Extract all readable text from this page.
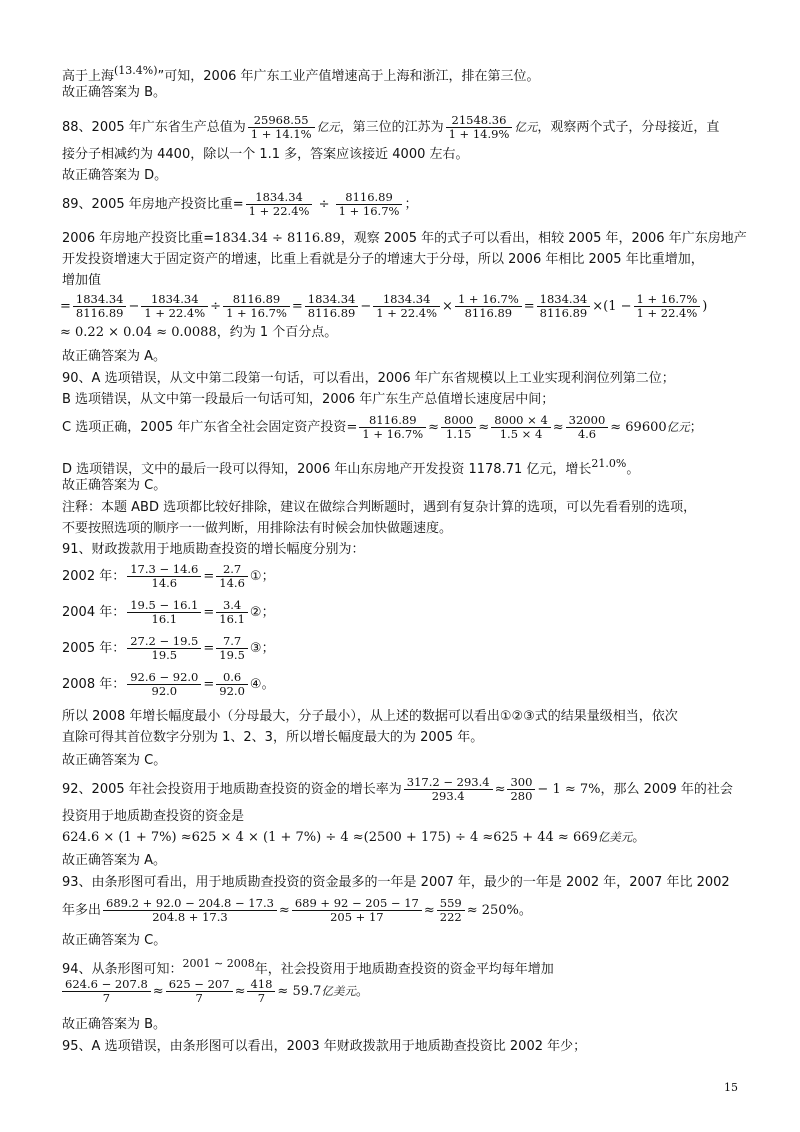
高于上海$^{(13.4\%)}$”可知，2006 年广东工业产值增速高于上海和浙江，排在第三位。
故正确答案为 B。
88、2005 年广东省生产总值为 $\frac{25968.55}{1 + 14.1\%}$ 亿元，第三位的江苏为 $\frac{21548.36}{1 + 14.9\%}$ 亿元，观察两个式子，分母接近，直
接分子相减约为 4400，除以一个 1.1 多，答案应该接近 4000 左右。
故正确答案为 D。
89、2005 年房地产投资比重= $\frac{1834.34}{1 + 22.4\%} \div \frac{8116.89}{1 + 16.7\%}$ ；
2006 年房地产投资比重=1834.34 ÷ 8116.89，观察 2005 年的式子可以看出，相较 2005 年，2006 年广东房地产
开发投资增速大于固定资产的增速，比重上看就是分子的增速大于分母，所以 2006 年相比 2005 年比重增加，
增加值
= $\frac{1834.34}{8116.89} - \frac{1834.34}{1 + 22.4\%} \div \frac{8116.89}{1 + 16.7\%} = \frac{1834.34}{8116.89} - \frac{1834.34}{1 + 22.4\%} \times \frac{1 + 16.7\%}{8116.89} = \frac{1834.34}{8116.89} \times(1 - \frac{1 + 16.7\%}{1 + 22.4\%}$ )
≈ 0.22 × 0.04 ≈ 0.0088，约为 1 个百分点。
故正确答案为 A。
90、A 选项错误，从文中第二段第一句话，可以看出，2006 年广东省规模以上工业实现利润位列第二位；
B 选项错误，从文中第一段最后一句话可知，2006 年广东生产总值增长速度居中间；
C 选项正确，2005 年广东省全社会固定资产投资= $\frac{8116.89}{1 + 16.7\%} \approx \frac{8000}{1.15} \approx \frac{8000 \times 4}{1.5 \times 4} \approx \frac{32000}{4.6} \approx 69600$亿元；
D 选项错误，文中的最后一段可以得知，2006 年山东房地产开发投资 1178.71 亿元，增长$^{21.0\%}$。
故正确答案为 C。
注释：本题 ABD 选项都比较好排除，建议在做综合判断题时，遇到有复杂计算的选项，可以先看看别的选项，
不要按照选项的顺序一一做判断，用排除法有时候会加快做题速度。
91、财政拨款用于地质勘查投资的增长幅度分别为：
2002 年： $\frac{17.3 - 14.6}{14.6} = \frac{2.7}{14.6}$ ①；
2004 年： $\frac{19.5 - 16.1}{16.1} = \frac{3.4}{16.1}$ ②；
2005 年： $\frac{27.2 - 19.5}{19.5} = \frac{7.7}{19.5}$ ③；
2008 年： $\frac{92.6 - 92.0}{92.0} = \frac{0.6}{92.0}$ ④。
所以 2008 年增长幅度最小（分母最大，分子最小），从上述的数据可以看出①②③式的结果量级相当，依次
直除可得其首位数字分别为 1、2、3，所以增长幅度最大的为 2005 年。
故正确答案为 C。
92、2005 年社会投资用于地质勘查投资的资金的增长率为 $\frac{317.2 - 293.4}{293.4} \approx \frac{300}{280} - 1 \approx 7\%$，那么 2009 年的社会
投资用于地质勘查投资的资金是
624.6 × (1 + 7%) ≈625 × 4 × (1 + 7%) ÷ 4 ≈(2500 + 175) ÷ 4 ≈625 + 44 ≈ 669亿美元。
故正确答案为 A。
93、由条形图可看出，用于地质勘查投资的资金最多的一年是 2007 年，最少的一年是 2002 年，2007 年比 2002
年多出 $\frac{689.2 + 92.0 - 204.8 - 17.3}{204.8 + 17.3} \approx \frac{689 + 92 - 205 - 17}{205 + 17} \approx \frac{559}{222} \approx 250\%$。
故正确答案为 C。
94、从条形图可知：$^{2001 \sim 2008}$年，社会投资用于地质勘查投资的资金平均每年增加
$\frac{624.6 - 207.8}{7} \approx \frac{625 - 207}{7} \approx \frac{418}{7} \approx 59.7$亿美元。
故正确答案为 B。
95、A 选项错误，由条形图可以看出，2003 年财政拨款用于地质勘查投资比 2002 年少；
15
